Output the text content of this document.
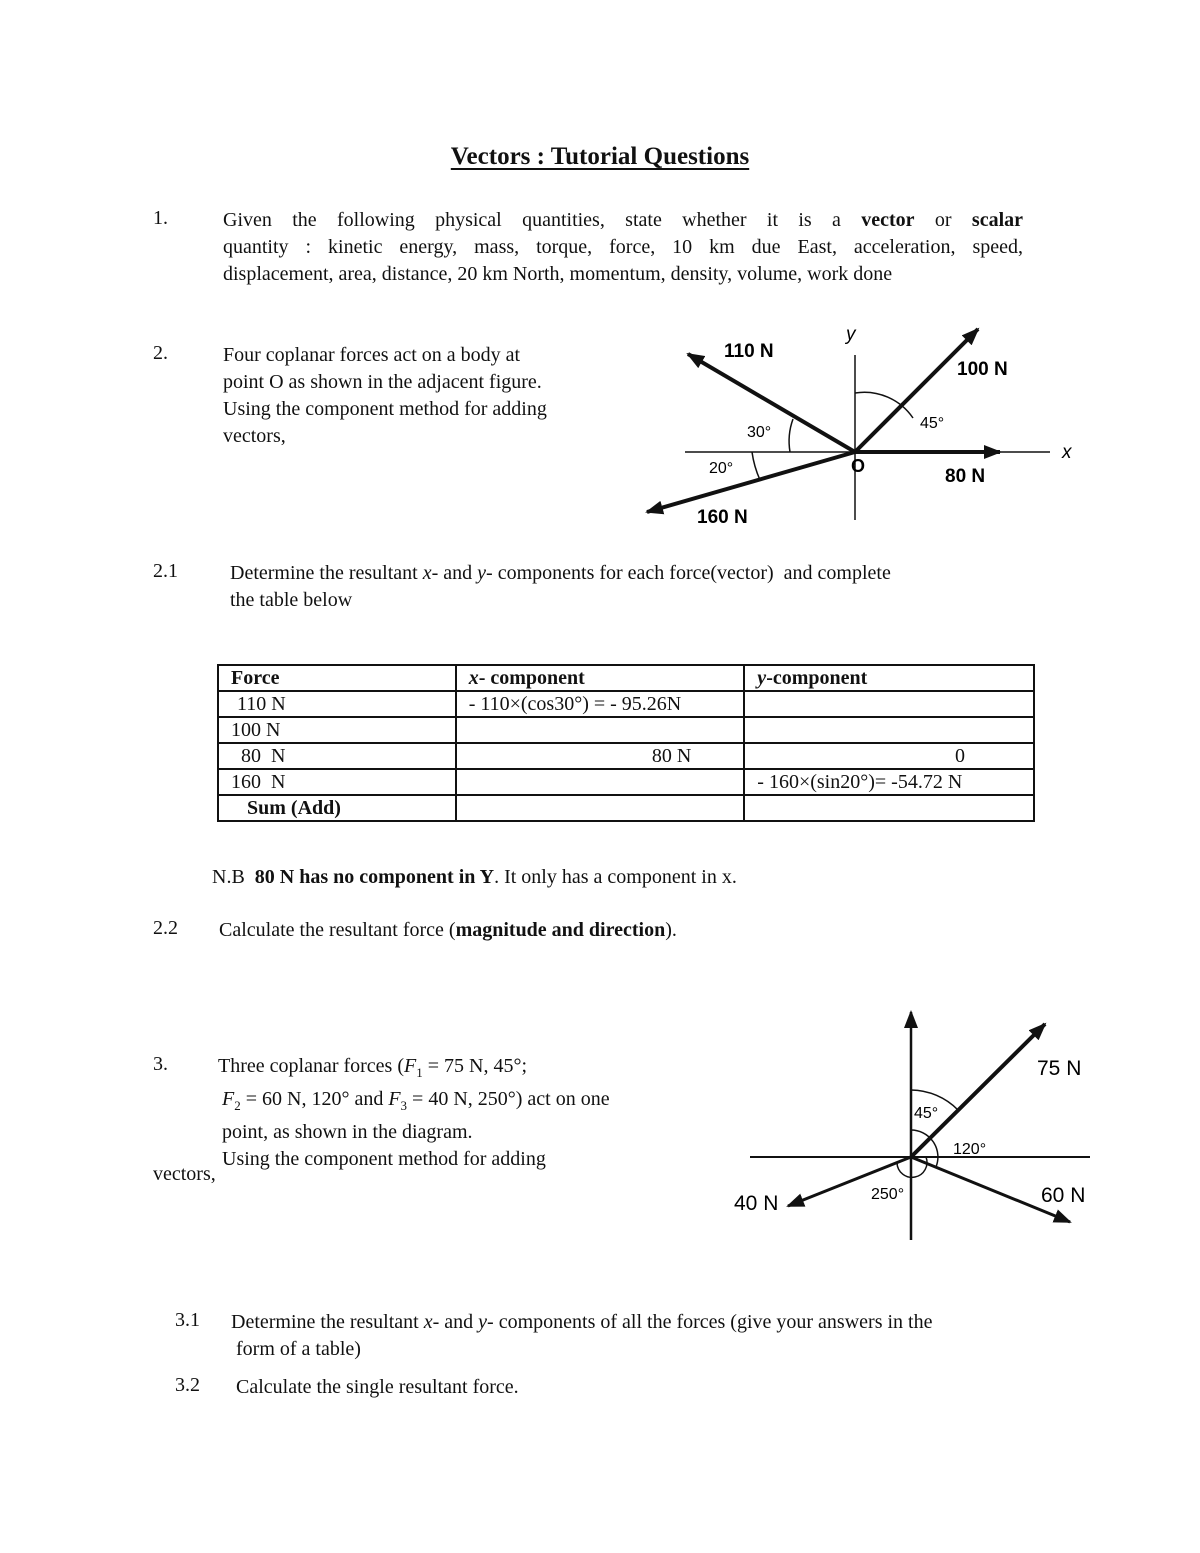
Vectors : Tutorial Questions
1.	Given the following physical quantities, state whether it is a vector or scalar
quantity : kinetic energy, mass, torque, force, 10 km due East, acceleration, speed,
displacement, area, distance, 20 km North, momentum, density, volume, work done
2.	Four coplanar forces act on a body at
point O as shown in the adjacent figure.
Using the component method for adding
vectors,
y
x
O
110 N
100 N
80 N
160 N
30°
45°
20°
2.1	Determine the resultant x- and y- components for each force(vector)  and complete
the table below
Force	x- component	y-component
110 N	- 110×(cos30°) = - 95.26N	
100 N		
80  N	80 N	0
160  N		- 160×(sin20°)= -54.72 N
Sum (Add)		
N.B  80 N has no component in Y. It only has a component in x.
2.2 Calculate the resultant force (magnitude and direction).
3.	Three coplanar forces ($F_1 = 75$ N, 45°;
$F_2 = 60$ N, 120° and $F_3 = 40$ N, 250°) act on one
point, as shown in the diagram.
Using the component method for adding
vectors,
75 N
60 N
40 N
45°
120°
250°
3.1 Determine the resultant x- and y- components of all the forces (give your answers in the
form of a table)
3.2 Calculate the single resultant force.
